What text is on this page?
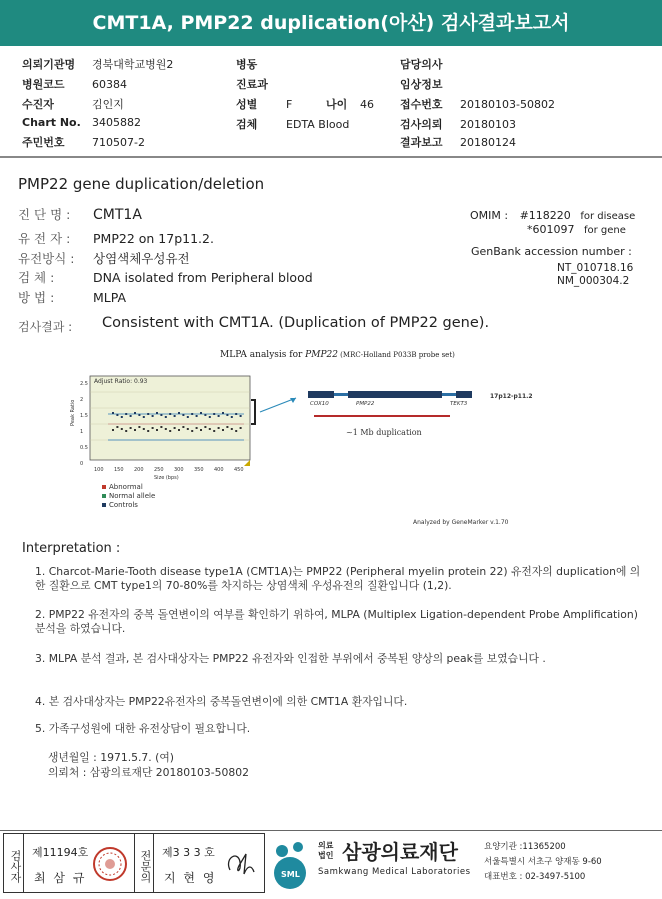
CMT1A, PMP22 duplication(아산) 검사결과보고서
의뢰기관명 경북대학교병원2
병원코드 60384
수진자	김인지
Chart No. 3405882
주민번호 710507-2
병동
진료과
성별	F	나이 46
검체	EDTA Blood
담당의사
임상정보
접수번호 20180103-50802
검사의뢰 20180103
결과보고 20180124
PMP22 gene duplication/deletion
진 단 명 : CMT1A
유 전 자 : PMP22 on 17p11.2.
유전방식 : 상염색체우성유전
검 체 :	DNA isolated from Peripheral blood
방 법 :	MLPA
OMIM : #118220 for disease
*601097 for gene
GenBank accession number :
NT_010718.16
NM_000304.2
검사결과 : Consistent with CMT1A. (Duplication of PMP22 gene).
MLPA analysis for PMP22 (MRC-Holland P033B probe set)
Adjust Ratio: 0.93
2.5
2
1.5
1
0.5
0
100 150 200 250 300 350 400 450
Peak Ratio
Size (bps)
COX10	PMP22	TEKT3
17p12-p11.2
~1 Mb duplication
Abnormal
Normal allele
Controls
Analyzed by GeneMarker v.1.70
Interpretation :
1. Charcot-Marie-Tooth disease type1A (CMT1A)는 PMP22 (Peripheral myelin protein 22) 유전자의 duplication에 의한 질환으로 CMT type1의 70-80%를 차지하는 상염색체 우성유전의 질환입니다 (1,2).
2. PMP22 유전자의 중복 돌연변이의 여부를 확인하기 위하여, MLPA (Multiplex Ligation-dependent Probe Amplification) 분석을 하였습니다.
3. MLPA 분석 결과, 본 검사대상자는 PMP22 유전자와 인접한 부위에서 중복된 양상의 peak를 보였습니다 .
4. 본 검사대상자는 PMP22유전자의 중복돌연변이에 의한 CMT1A 환자입니다.
5. 가족구성원에 대한 유전상담이 필요합니다.
생년월일 : 1971.5.7. (여)
의뢰처 : 삼광의료재단 20180103-50802
검사자 제11194호
최 삼 규	전문의 제3 3 3 호
지 현 영	SML
의료
법인 삼광의료재단
Samkwang Medical Laboratories
요양기관 :11365200
서울특별시 서초구 양재동 9-60
대표번호 : 02-3497-5100
